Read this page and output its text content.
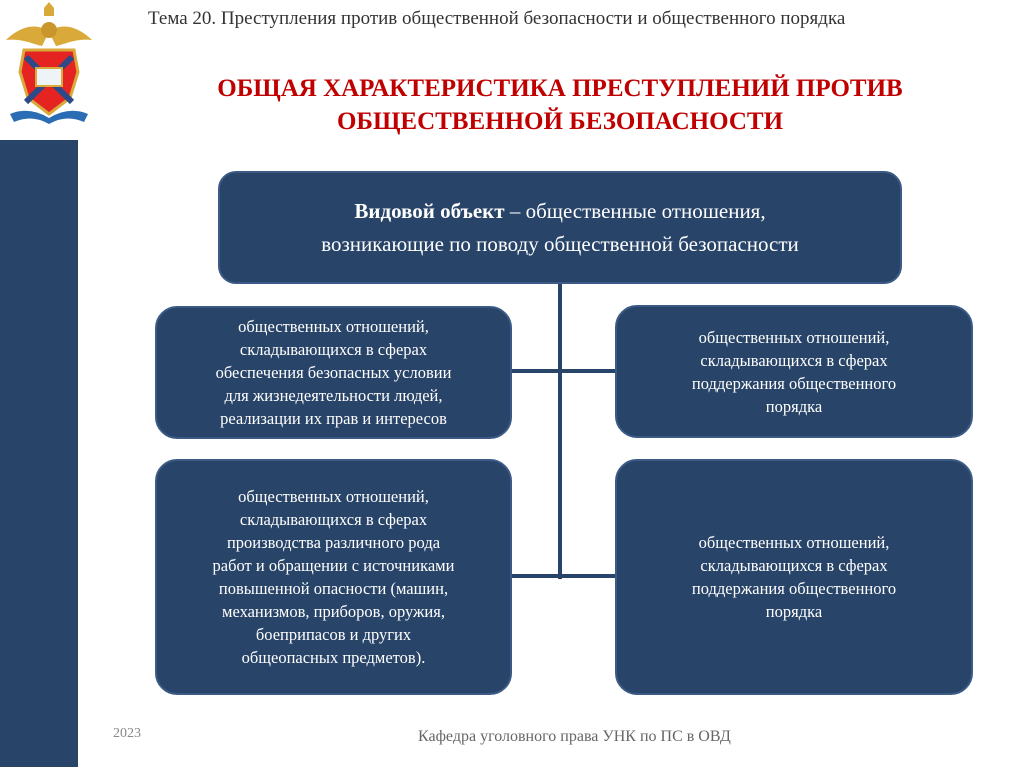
Тема 20. Преступления против общественной безопасности и общественного порядка
ОБЩАЯ ХАРАКТЕРИСТИКА ПРЕСТУПЛЕНИЙ ПРОТИВ
ОБЩЕСТВЕННОЙ БЕЗОПАСНОСТИ
Видовой объект – общественные отношения,
возникающие по поводу общественной безопасности
общественных отношений,
складывающихся в сферах
обеспечения безопасных условии
для жизнедеятельности людей,
реализации их прав и интересов
общественных отношений,
складывающихся в сферах
поддержания общественного
порядка
общественных отношений,
складывающихся в сферах
производства различного рода
работ и обращении с источниками
повышенной опасности (машин,
механизмов, приборов, оружия,
боеприпасов и других
общеопасных предметов).
общественных отношений,
складывающихся в сферах
поддержания общественного
порядка
2023	Кафедра уголовного права УНК по ПС в ОВД
